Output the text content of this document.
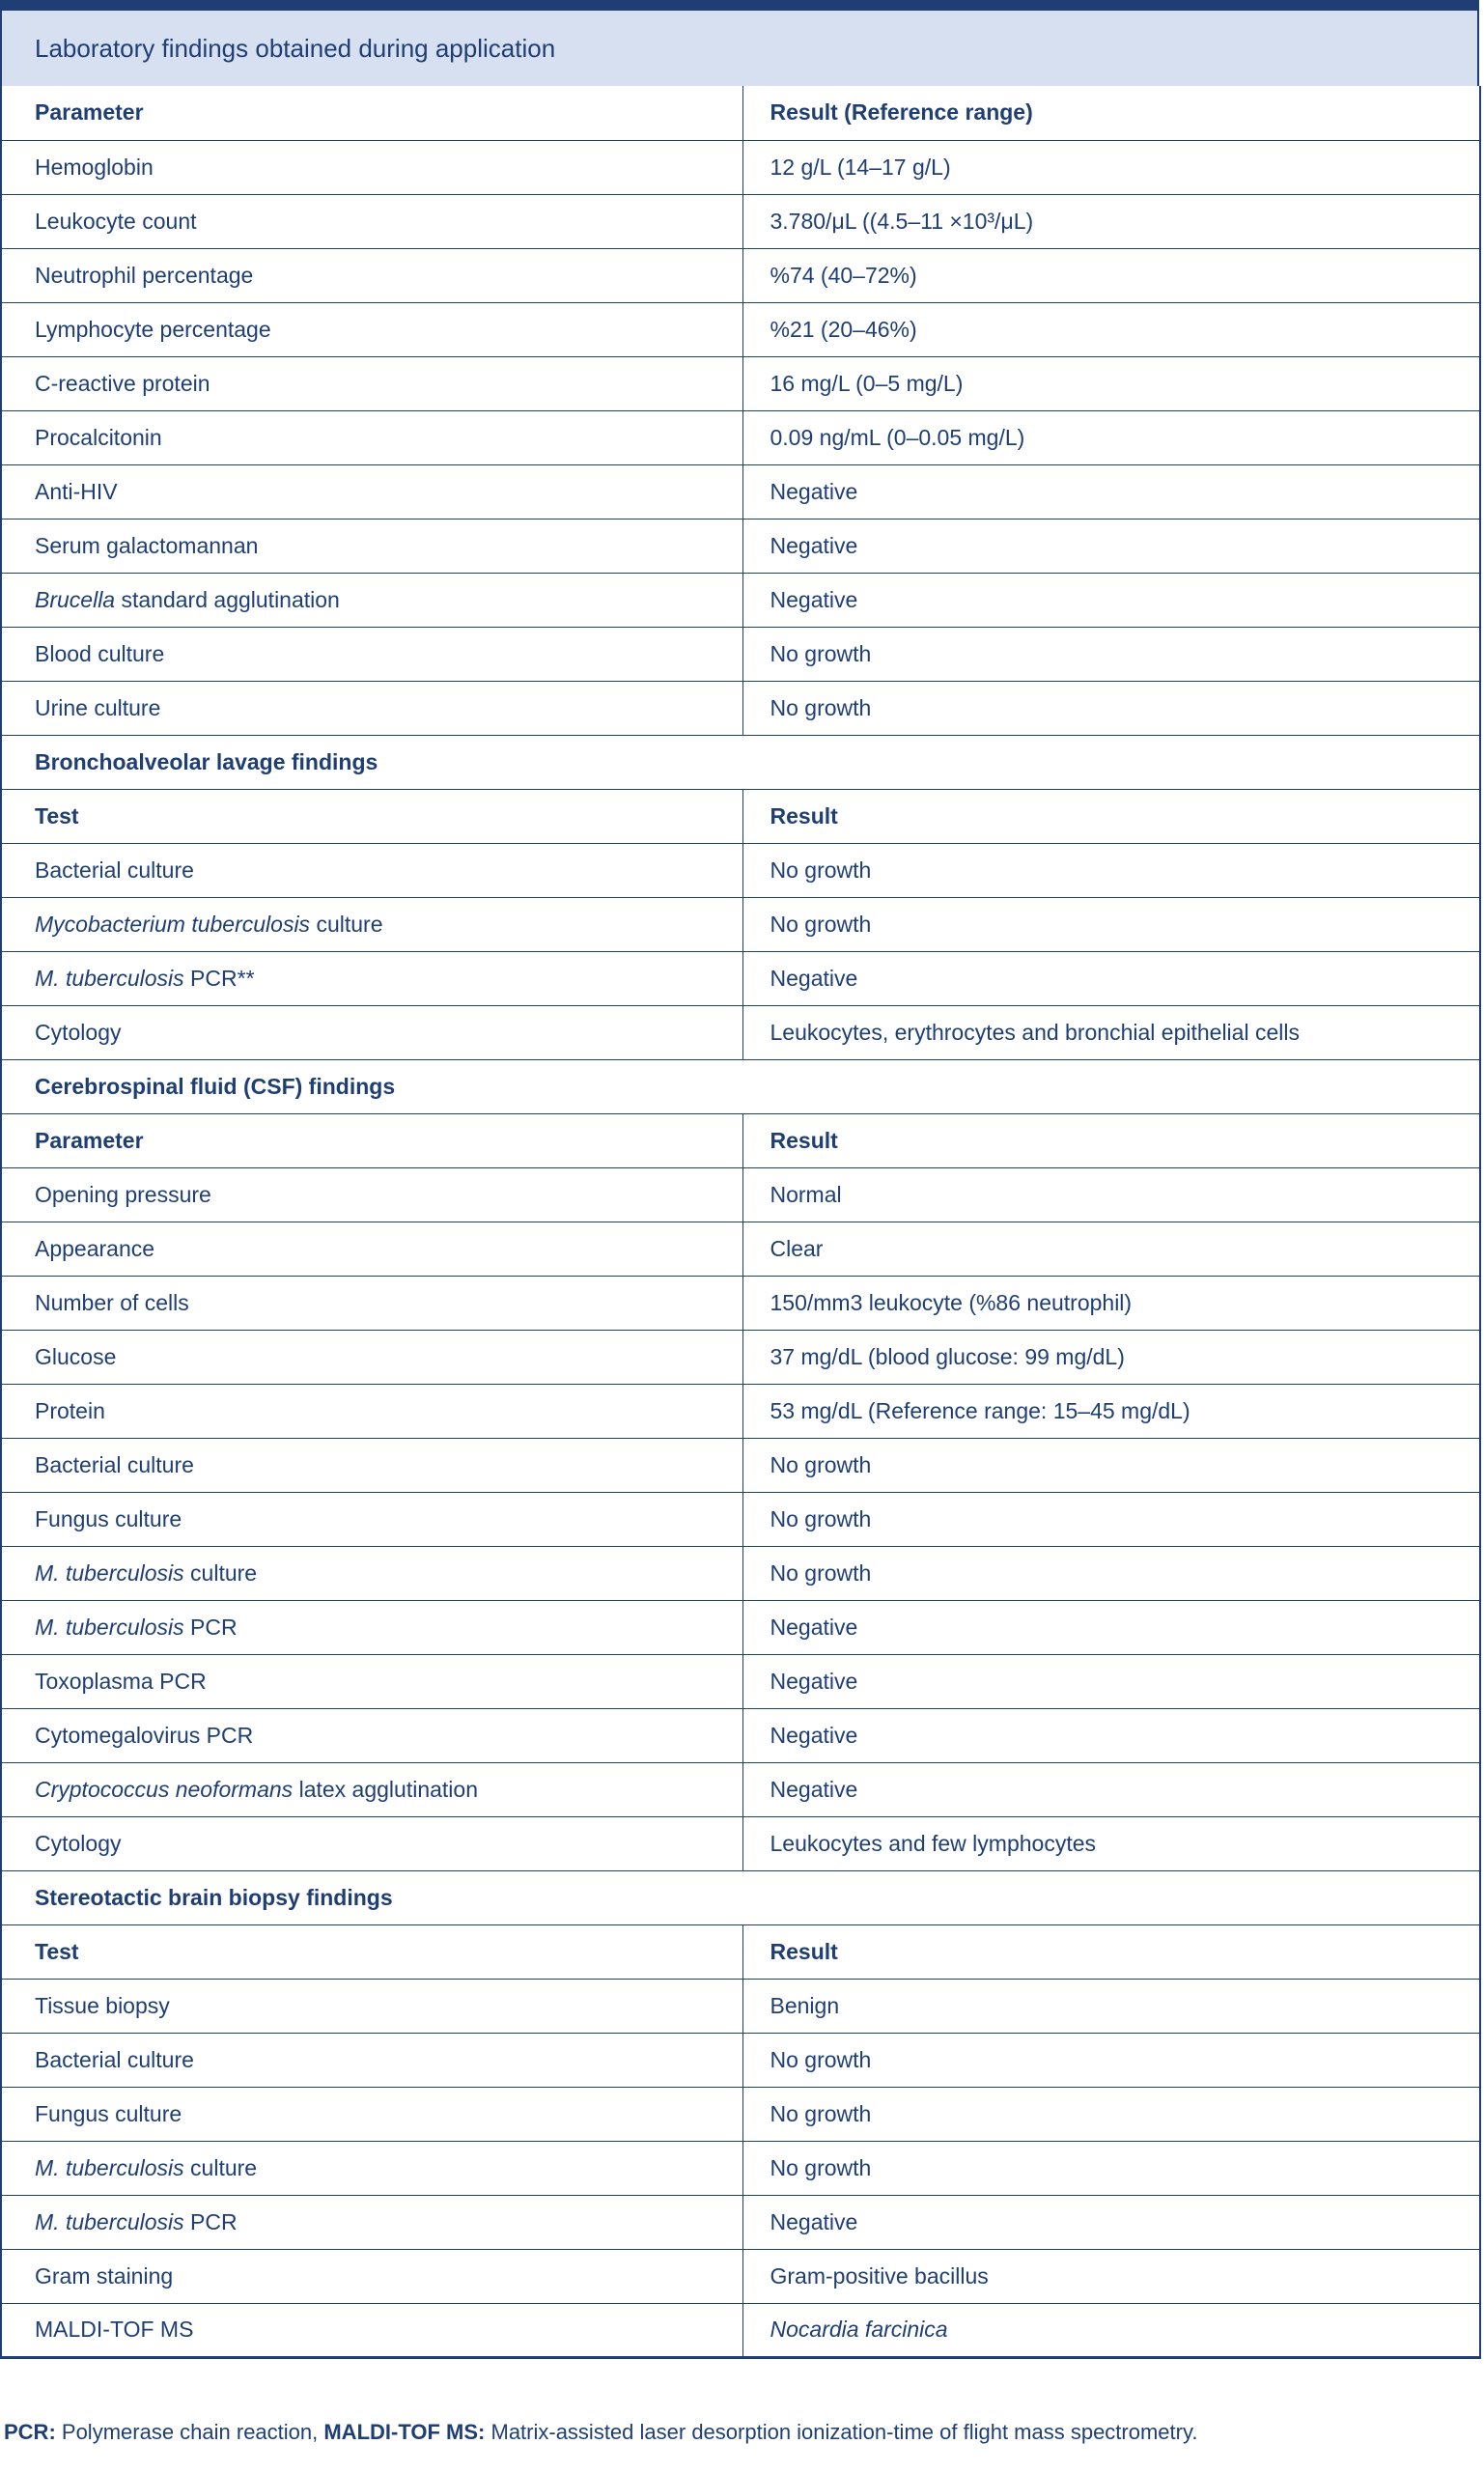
Laboratory findings obtained during application
Parameter	Result (Reference range)
Hemoglobin	12 g/L (14–17 g/L)
Leukocyte count	3.780/μL ((4.5–11 ×10³/μL)
Neutrophil percentage	%74 (40–72%)
Lymphocyte percentage	%21 (20–46%)
C-reactive protein	16 mg/L (0–5 mg/L)
Procalcitonin	0.09 ng/mL (0–0.05 mg/L)
Anti-HIV	Negative
Serum galactomannan	Negative
Brucella standard agglutination	Negative
Blood culture	No growth
Urine culture	No growth
Bronchoalveolar lavage findings	
Test	Result
Bacterial culture	No growth
Mycobacterium tuberculosis culture	No growth
M. tuberculosis PCR**	Negative
Cytology	Leukocytes, erythrocytes and bronchial epithelial cells
Cerebrospinal fluid (CSF) findings	
Parameter	Result
Opening pressure	Normal
Appearance	Clear
Number of cells	150/mm3 leukocyte (%86 neutrophil)
Glucose	37 mg/dL (blood glucose: 99 mg/dL)
Protein	53 mg/dL (Reference range: 15–45 mg/dL)
Bacterial culture	No growth
Fungus culture	No growth
M. tuberculosis culture	No growth
M. tuberculosis PCR	Negative
Toxoplasma PCR	Negative
Cytomegalovirus PCR	Negative
Cryptococcus neoformans latex agglutination	Negative
Cytology	Leukocytes and few lymphocytes
Stereotactic brain biopsy findings	
Test	Result
Tissue biopsy	Benign
Bacterial culture	No growth
Fungus culture	No growth
M. tuberculosis culture	No growth
M. tuberculosis PCR	Negative
Gram staining	Gram-positive bacillus
MALDI-TOF MS	Nocardia farcinica
PCR: Polymerase chain reaction, MALDI-TOF MS: Matrix-assisted laser desorption ionization-time of flight mass spectrometry.
